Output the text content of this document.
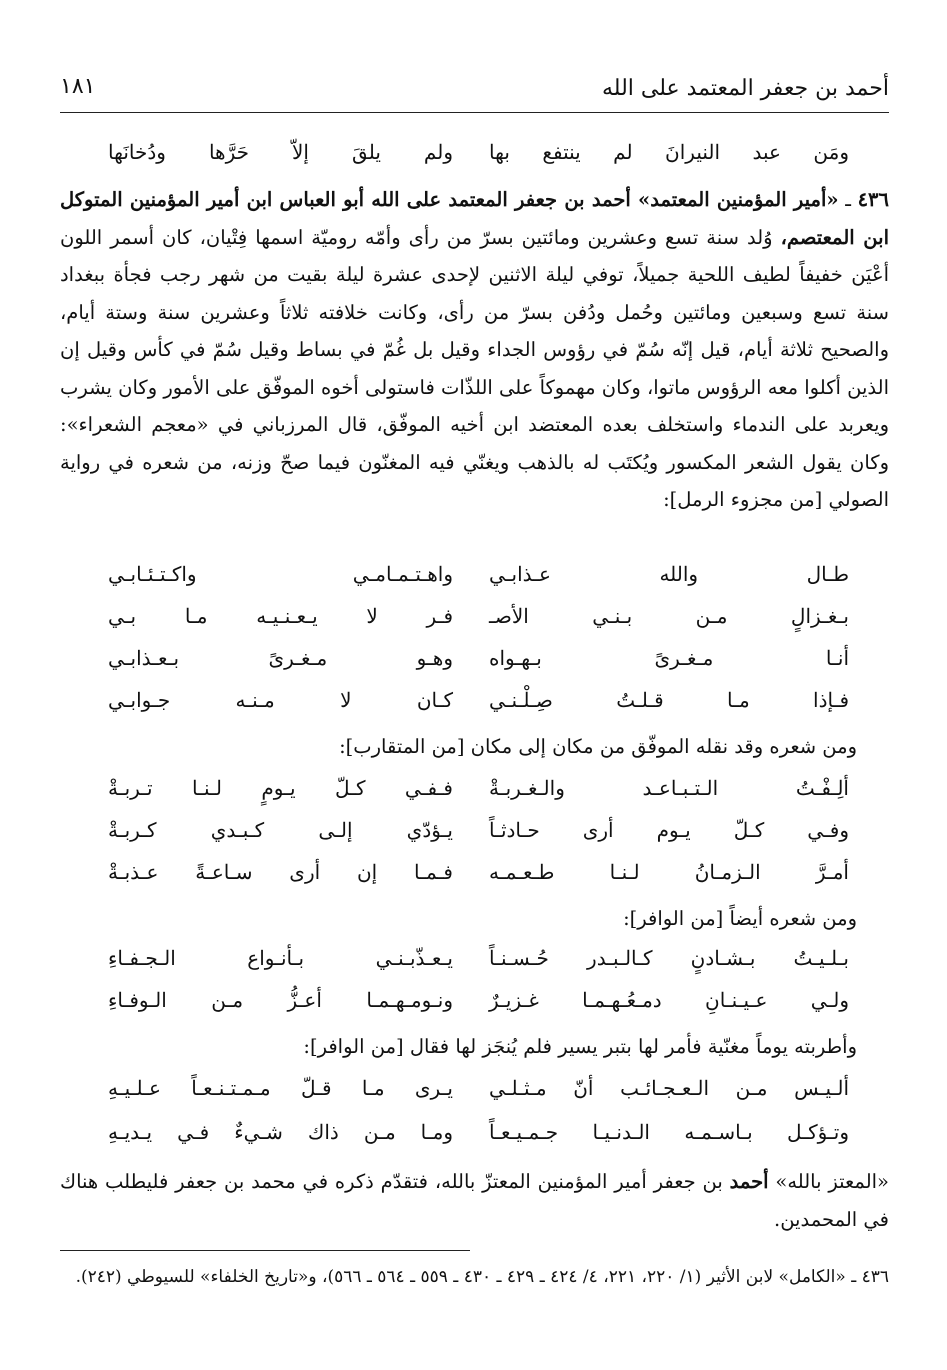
أحمد بن جعفر المعتمد على الله
١٨١
ومَن عبد النيرانَ لم ينتفع بها
ولم يلقَ إلاّ حَرَّها ودُخانَها
٤٣٦ ـ «أمير المؤمنين المعتمد» أحمد بن جعفر المعتمد على الله أبو العباس ابن أمير المؤمنين المتوكل ابن المعتصم، وُلد سنة تسع وعشرين ومائتين بسرّ من رأى وأمّه روميّة اسمها فِتْيان، كان أسمر اللون أعْيَن خفيفاً لطيف اللحية جميلاً، توفي ليلة الاثنين لإحدى عشرة ليلة بقيت من شهر رجب فجأة ببغداد سنة تسع وسبعين ومائتين وحُمل ودُفن بسرّ من رأى، وكانت خلافته ثلاثاً وعشرين سنة وستة أيام، والصحيح ثلاثة أيام، قيل إنّه سُمّ في رؤوس الجداء وقيل بل غُمّ في بساط وقيل سُمّ في كأس وقيل إن الذين أكلوا معه الرؤوس ماتوا، وكان مهموكاً على اللذّات فاستولى أخوه الموفّق على الأمور وكان يشرب ويعربد على الندماء واستخلف بعده المعتضد ابن أخيه الموفّق، قال المرزباني في «معجم الشعراء»: وكان يقول الشعر المكسور ويُكتَب له بالذهب ويغنّي فيه المغنّون فيما صحّ وزنه، من شعره في رواية الصولي [من مجزوء الرمل]:
طـال والله عـذابـي
واهـتـمـامـي واكـتـئـابـي
بـغـزالٍ مـن بـنـي الأصـ
فـر لا يـعـنـيـه مـا بـي
أنـا مـغـرىً بـهـواه
وهـو مـغـرىً بـعـذابـي
فـإذا مـا قـلـتُ صِـلْـنـي
كـان لا مـنـه جـوابـي
ومن شعره وقد نقله الموفّق من مكان إلى مكان [من المتقارب]:
ألِـفْـتُ الـتـبـاعـد والـغـربـةْ
فـفـي كـلّ يـومٍ لـنـا تـربـةْ
وفـي كـلّ يـوم أرى حـادثـاً
يـؤدّي إلـى كـبـدي كـربـةْ
أمـرَّ الـزمـانُ لـنـا طـعـمـه
فـمـا إن أرى سـاعـةً عـذبـةْ
ومن شعره أيضاً [من الوافر]:
بـلـيـتُ بـشـادنٍ كـالـبـدر حُـسـنـاً
يـعـذّبـنـي بـأنـواع الـجـفـاءِ
ولـي عـيـنـانِ دمـعُـهـمـا غـزيـرٌ
ونـومـهـمـا أعـزُّ مـن الـوفـاءِ
وأطربته يوماً مغنّية فأمر لها بتبر يسير فلم يُنجَز لها فقال [من الوافر]:
ألـيـس مـن الـعـجـائـب أنّ مـثـلـي
يـرى مـا قـلّ مـمـتـنـعـاً عـلـيـهِ
وتـؤكـل بـاسـمـه الـدنـيـا جـمـيـعـاً
ومـا مـن ذاك شـيءٌ فـي يـديـهِ
«المعتز بالله» أحمد بن جعفر أمير المؤمنين المعتزّ بالله، فتقدّم ذكره في محمد بن جعفر فليطلب هناك في المحمدين.
٤٣٦ ـ «الكامل» لابن الأثير (١/ ٢٢٠، ٢٢١، ٤/ ٤٢٤ ـ ٤٢٩ ـ ٤٣٠ ـ ٥٥٩ ـ ٥٦٤ ـ ٥٦٦)، و«تاريخ الخلفاء» للسيوطي (٢٤٢).
